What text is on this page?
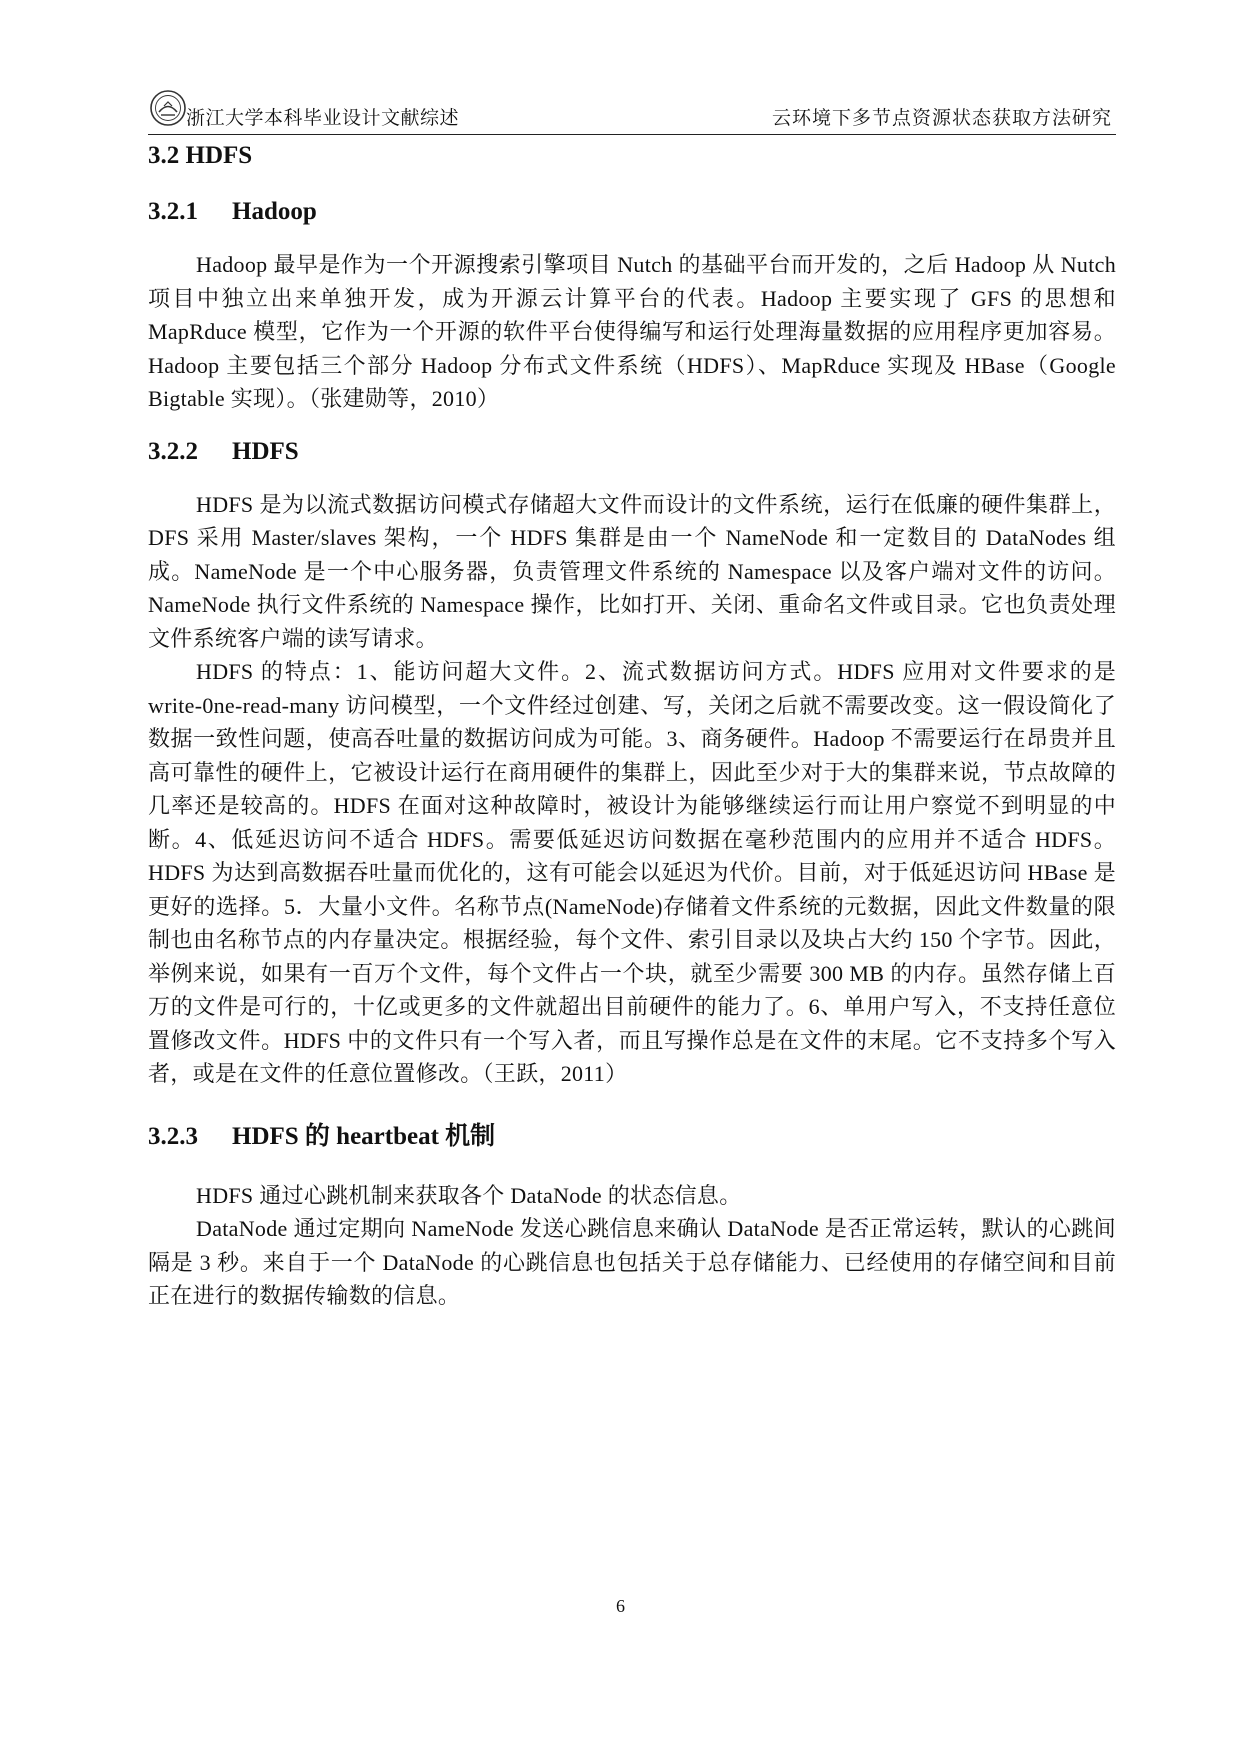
浙江大学本科毕业设计文献综述	云环境下多节点资源状态获取方法研究
3.2 HDFS
3.2.1 Hadoop

Hadoop 最早是作为一个开源搜索引擎项目 Nutch 的基础平台而开发的，之后 Hadoop 从 Nutch 项目中独立出来单独开发，成为开源云计算平台的代表。Hadoop 主要实现了 GFS 的思想和 MapRduce 模型，它作为一个开源的软件平台使得编写和运行处理海量数据的应用程序更加容易。Hadoop 主要包括三个部分 Hadoop 分布式文件系统（HDFS）、MapRduce 实现及 HBase（Google Bigtable 实现）。（张建勋等，2010）

3.2.2 HDFS

HDFS 是为以流式数据访问模式存储超大文件而设计的文件系统，运行在低廉的硬件集群上，DFS 采用 Master/slaves 架构，一个 HDFS 集群是由一个 NameNode 和一定数目的 DataNodes 组成。NameNode 是一个中心服务器，负责管理文件系统的 Namespace 以及客户端对文件的访问。NameNode 执行文件系统的 Namespace 操作，比如打开、关闭、重命名文件或目录。它也负责处理文件系统客户端的读写请求。

HDFS 的特点：1、能访问超大文件。2、流式数据访问方式。HDFS 应用对文件要求的是 write-0ne-read-many 访问模型，一个文件经过创建、写，关闭之后就不需要改变。这一假设简化了数据一致性问题，使高吞吐量的数据访问成为可能。3、商务硬件。Hadoop 不需要运行在昂贵并且高可靠性的硬件上，它被设计运行在商用硬件的集群上，因此至少对于大的集群来说，节点故障的几率还是较高的。HDFS 在面对这种故障时，被设计为能够继续运行而让用户察觉不到明显的中断。4、低延迟访问不适合 HDFS。需要低延迟访问数据在毫秒范围内的应用并不适合 HDFS。HDFS 为达到高数据吞吐量而优化的，这有可能会以延迟为代价。目前，对于低延迟访问 HBase 是更好的选择。5．大量小文件。名称节点(NameNode)存储着文件系统的元数据，因此文件数量的限制也由名称节点的内存量决定。根据经验，每个文件、索引目录以及块占大约 150 个字节。因此，举例来说，如果有一百万个文件，每个文件占一个块，就至少需要 300 MB 的内存。虽然存储上百万的文件是可行的，十亿或更多的文件就超出目前硬件的能力了。6、单用户写入，不支持任意位置修改文件。HDFS 中的文件只有一个写入者，而且写操作总是在文件的末尾。它不支持多个写入者，或是在文件的任意位置修改。（王跃，2011）

3.2.3 HDFS 的 heartbeat 机制

HDFS 通过心跳机制来获取各个 DataNode 的状态信息。

DataNode 通过定期向 NameNode 发送心跳信息来确认 DataNode 是否正常运转，默认的心跳间隔是 3 秒。来自于一个 DataNode 的心跳信息也包括关于总存储能力、已经使用的存储空间和目前正在进行的数据传输数的信息。

6
